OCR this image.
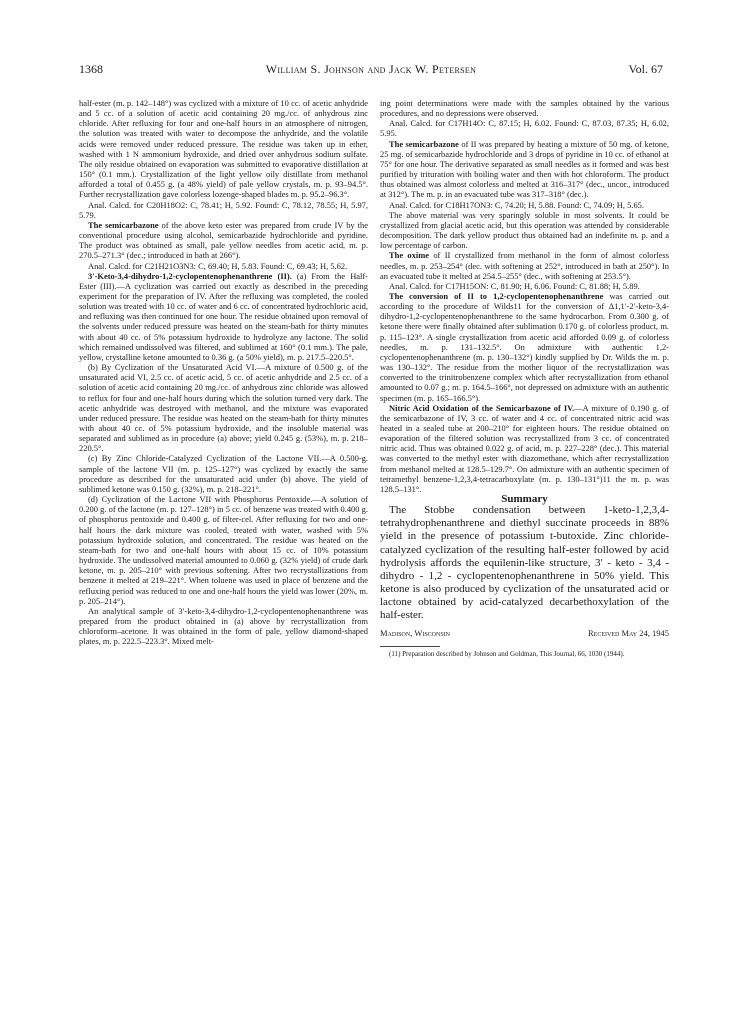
1368	William S. Johnson and Jack W. Petersen	Vol. 67

half-ester (m. p. 142–148°) was cyclized with a mixture of 10 cc. of acetic anhydride and 5 cc. of a solution of acetic acid containing 20 mg./cc. of anhydrous zinc chloride. After refluxing for four and one-half hours in an atmosphere of nitrogen, the solution was treated with water to decompose the anhydride, and the volatile acids were removed under reduced pressure. The residue was taken up in ether, washed with 1 N ammonium hydroxide, and dried over anhydrous sodium sulfate. The oily residue obtained on evaporation was submitted to evaporative distillation at 150° (0.1 mm.). Crystallization of the light yellow oily distillate from methanol afforded a total of 0.455 g. (a 48% yield) of pale yellow crystals, m. p. 93–94.5°. Further recrystallization gave colorless lozenge-shaped blades m. p. 95.2–96.3°.

Anal. Calcd. for C20H18O2: C, 78.41; H, 5.92. Found: C, 78.12, 78.55; H, 5.97, 5.79.

The semicarbazone of the above keto ester was prepared from crude IV by the conventional procedure using alcohol, semicarbazide hydrochloride and pyridine. The product was obtained as small, pale yellow needles from acetic acid, m. p. 270.5–271.3° (dec.; introduced in bath at 266°).

Anal. Calcd. for C21H21O3N3: C, 69.40; H, 5.83. Found: C, 69.43; H, 5.62.

3′-Keto-3,4-dihydro-1,2-cyclopentenophenanthrene (II). (a) From the Half-Ester (III).—A cyclization was carried out exactly as described in the preceding experiment for the preparation of IV. After the refluxing was completed, the cooled solution was treated with 10 cc. of water and 6 cc. of concentrated hydrochloric acid, and refluxing was then continued for one hour. The residue obtained upon removal of the solvents under reduced pressure was heated on the steam-bath for thirty minutes with about 40 cc. of 5% potassium hydroxide to hydrolyze any lactone. The solid which remained undissolved was filtered, and sublimed at 160° (0.1 mm.). The pale, yellow, crystalline ketone amounted to 0.36 g. (a 50% yield), m. p. 217.5–220.5°.

(b) By Cyclization of the Unsaturated Acid VI.—A mixture of 0.500 g. of the unsaturated acid VI, 2.5 cc. of acetic acid, 5 cc. of acetic anhydride and 2.5 cc. of a solution of acetic acid containing 20 mg./cc. of anhydrous zinc chloride was allowed to reflux for four and one-half hours during which the solution turned very dark. The acetic anhydride was destroyed with methanol, and the mixture was evaporated under reduced pressure. The residue was heated on the steam-bath for thirty minutes with about 40 cc. of 5% potassium hydroxide, and the insoluble material was separated and sublimed as in procedure (a) above; yield 0.245 g. (53%), m. p. 218–220.5°.

(c) By Zinc Chloride-Catalyzed Cyclization of the Lactone VII.—A 0.500-g. sample of the lactone VII (m. p. 125–127°) was cyclized by exactly the same procedure as described for the unsaturated acid under (b) above. The yield of sublimed ketone was 0.150 g. (32%), m. p. 218–221°.

(d) Cyclization of the Lactone VII with Phosphorus Pentoxide.—A solution of 0.200 g. of the lactone (m. p. 127–128°) in 5 cc. of benzene was treated with 0.400 g. of phosphorus pentoxide and 0.400 g. of filter-cel. After refluxing for two and one-half hours the dark mixture was cooled, treated with water, washed with 5% potassium hydroxide solution, and concentrated. The residue was heated on the steam-bath for two and one-half hours with about 15 cc. of 10% potassium hydroxide. The undissolved material amounted to 0.060 g. (32% yield) of crude dark ketone, m. p. 205–210° with previous softening. After two recrystallizations from benzene it melted at 219–221°. When toluene was used in place of benzene and the refluxing period was reduced to one and one-half hours the yield was lower (20%, m. p. 205–214°).

An analytical sample of 3′-keto-3,4-dihydro-1,2-cyclopentenophenanthrene was prepared from the product obtained in (a) above by recrystallization from chloroform–acetone. It was obtained in the form of pale, yellow diamond-shaped plates, m. p. 222.5–223.3°. Mixed melt-

ing point determinations were made with the samples obtained by the various procedures, and no depressions were observed.

Anal. Calcd. for C17H14O: C, 87.15; H, 6.02. Found: C, 87.03, 87.35; H, 6.02, 5.95.

The semicarbazone of II was prepared by heating a mixture of 50 mg. of ketone, 25 mg. of semicarbazide hydrochloride and 3 drops of pyridine in 10 cc. of ethanol at 75° for one hour. The derivative separated as small needles as it formed and was best purified by trituration with boiling water and then with hot chloroform. The product thus obtained was almost colorless and melted at 316–317° (dec., uncor., introduced at 312°). The m. p. in an evacuated tube was 317–318° (dec.).

Anal. Calcd. for C18H17ON3: C, 74.20; H, 5.88. Found: C, 74.09; H, 5.65.

The above material was very sparingly soluble in most solvents. It could be crystallized from glacial acetic acid, but this operation was attended by considerable decomposition. The dark yellow product thus obtained had an indefinite m. p. and a low percentage of carbon.

The oxime of II crystallized from methanol in the form of almost colorless needles, m. p. 253–254° (dec. with softening at 252°, introduced in bath at 250°). In an evacuated tube it melted at 254.5–255° (dec., with softening at 253.5°).

Anal. Calcd. for C17H15ON: C, 81.90; H, 6.06. Found: C, 81.88; H, 5.89.

The conversion of II to 1,2-cyclopentenophenanthrene was carried out according to the procedure of Wilds11 for the conversion of Δ1,1′-2′-keto-3,4-dihydro-1,2-cyclopentenophenanthrene to the same hydrocarbon. From 0.300 g. of ketone there were finally obtained after sublimation 0.170 g. of colorless product, m. p. 115–123°. A single crystallization from acetic acid afforded 0.09 g. of colorless needles, m. p. 131–132.5°. On admixture with authentic 1,2-cyclopentenophenanthrene (m. p. 130–132°) kindly supplied by Dr. Wilds the m. p. was 130–132°. The residue from the mother liquor of the recrystallization was converted to the trinitrobenzene complex which after recrystallization from ethanol amounted to 0.07 g.; m. p. 164.5–166°, not depressed on admixture with an authentic specimen (m. p. 165–166.5°).

Nitric Acid Oxidation of the Semicarbazone of IV.—A mixture of 0.190 g. of the semicarbazone of IV, 3 cc. of water and 4 cc. of concentrated nitric acid was heated in a sealed tube at 200–210° for eighteen hours. The residue obtained on evaporation of the filtered solution was recrystallized from 3 cc. of concentrated nitric acid. Thus was obtained 0.022 g. of acid, m. p. 227–228° (dec.). This material was converted to the methyl ester with diazomethane, which after recrystallization from methanol melted at 128.5–129.7°. On admixture with an authentic specimen of tetramethyl benzene-1,2,3,4-tetracarboxylate (m. p. 130–131°)11 the m. p. was 128.5–131°.

Summary

The Stobbe condensation between 1-keto-1,2,3,4-tetrahydrophenanthrene and diethyl succinate proceeds in 88% yield in the presence of potassium t-butoxide. Zinc chloride-catalyzed cyclization of the resulting half-ester followed by acid hydrolysis affords the equilenin-like structure, 3′ - keto - 3,4 - dihydro - 1,2 - cyclopentenophenanthrene in 50% yield. This ketone is also produced by cyclization of the unsaturated acid or lactone obtained by acid-catalyzed decarbethoxylation of the half-ester.

Madison, Wisconsin	Received May 24, 1945

(11) Preparation described by Johnson and Goldman, This Journal, 66, 1030 (1944).
